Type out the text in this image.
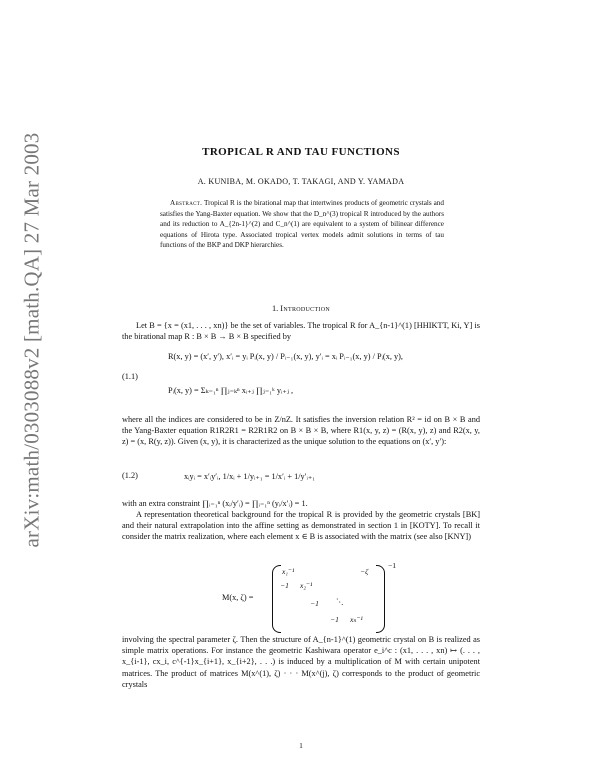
arXiv:math/0303088v2 [math.QA] 27 Mar 2003	TROPICAL R AND TAU FUNCTIONS
A. KUNIBA, M. OKADO, T. TAKAGI, AND Y. YAMADA
Abstract. Tropical R is the birational map that intertwines products of geometric crystals and satisfies the Yang-Baxter equation. We show that the D_n^(3) tropical R introduced by the authors and its reduction to A_{2n-1}^(2) and C_n^(1) are equivalent to a system of bilinear difference equations of Hirota type. Associated tropical vertex models admit solutions in terms of tau functions of the BKP and DKP hierarchies.
1. Introduction
Let B = {x = (x1, . . . , xn)} be the set of variables. The tropical R for A_{n-1}^(1) [HHIKTT, Ki, Y] is the birational map R : B × B → B × B specified by
(1.1)
R(x, y) = (x′, y′), x′ᵢ = yᵢ Pᵢ(x, y) / Pᵢ₋₁(x, y), y′ᵢ = xᵢ Pᵢ₋₁(x, y) / Pᵢ(x, y),
Pᵢ(x, y) = Σₖ₌₁ⁿ ∏ⱼ₌ₖⁿ xᵢ₊ⱼ ∏ⱼ₌₁ᵏ yᵢ₊ⱼ ,
where all the indices are considered to be in Z/nZ. It satisfies the inversion relation R² = id on B × B and the Yang-Baxter equation R1R2R1 = R2R1R2 on B × B × B, where R1(x, y, z) = (R(x, y), z) and R2(x, y, z) = (x, R(y, z)). Given (x, y), it is characterized as the unique solution to the equations on (x′, y′):
(1.2)	xᵢyᵢ = x′ᵢy′ᵢ, 1/xᵢ + 1/yᵢ₊₁ = 1/x′ᵢ + 1/y′ᵢ₊₁
with an extra constraint ∏ᵢ₌₁ⁿ (xᵢ/y′ᵢ) = ∏ᵢ₌₁ⁿ (yᵢ/x′ᵢ) = 1.
A representation theoretical background for the tropical R is provided by the geometric crystals [BK] and their natural extrapolation into the affine setting as demonstrated in section 1 in [KOTY]. To recall it consider the matrix realization, where each element x ∈ B is associated with the matrix (see also [KNY])
M(x, ζ) =
x₁⁻¹	−ζ
−1 x₂⁻¹
−1 ⋱
−1 xₙ⁻¹
−1
involving the spectral parameter ζ. Then the structure of A_{n-1}^(1) geometric crystal on B is realized as simple matrix operations. For instance the geometric Kashiwara operator e_i^c : (x1, . . . , xn) ↦ (. . . , x_{i-1}, cx_i, c^{-1}x_{i+1}, x_{i+2}, . . .) is induced by a multiplication of M with certain unipotent matrices. The product of matrices M(x^(1), ζ) · · · M(x^(j), ζ) corresponds to the product of geometric crystals
1
